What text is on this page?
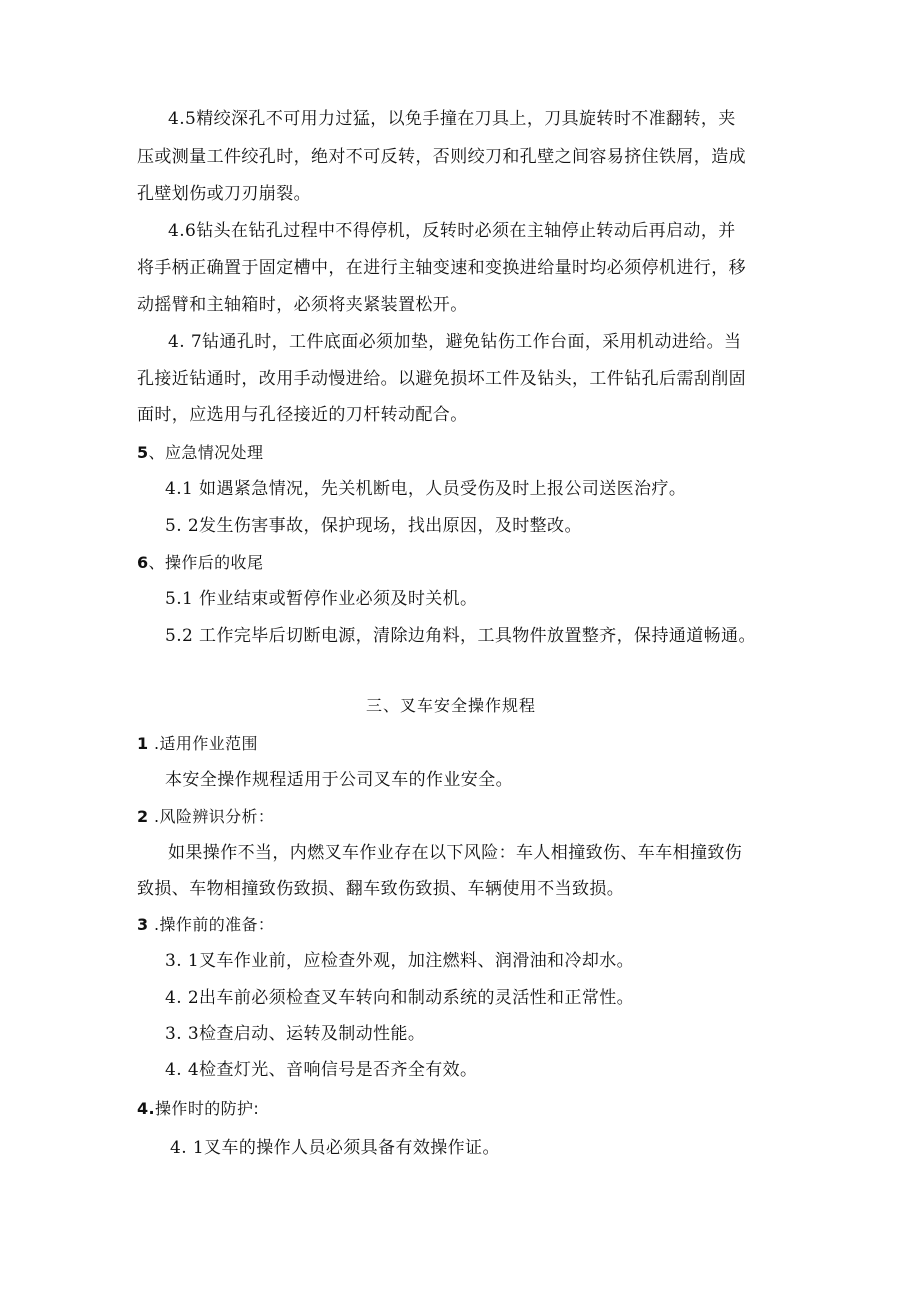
4.5精绞深孔不可用力过猛，以免手撞在刀具上，刀具旋转时不准翻转，夹
压或测量工件绞孔时，绝对不可反转，否则绞刀和孔壁之间容易挤住铁屑，造成
孔壁划伤或刀刃崩裂。
4.6钻头在钻孔过程中不得停机，反转时必须在主轴停止转动后再启动，并
将手柄正确置于固定槽中，在进行主轴变速和变换进给量时均必须停机进行，移
动摇臂和主轴箱时，必须将夹紧装置松开。
4. 7钻通孔时，工件底面必须加垫，避免钻伤工作台面，采用机动进给。当
孔接近钻通时，改用手动慢进给。以避免损坏工件及钻头，工件钻孔后需刮削固
面时，应选用与孔径接近的刀杆转动配合。
5、应急情况处理
4.1 如遇紧急情况，先关机断电，人员受伤及时上报公司送医治疗。
5. 2发生伤害事故，保护现场，找出原因，及时整改。
6、操作后的收尾
5.1 作业结束或暂停作业必须及时关机。
5.2 工作完毕后切断电源，清除边角料，工具物件放置整齐，保持通道畅通。
三、叉车安全操作规程
1 .适用作业范围
本安全操作规程适用于公司叉车的作业安全。
2 .风险辨识分析：
如果操作不当，内燃叉车作业存在以下风险：车人相撞致伤、车车相撞致伤
致损、车物相撞致伤致损、翻车致伤致损、车辆使用不当致损。
3 .操作前的准备：
3. 1叉车作业前，应检查外观，加注燃料、润滑油和冷却水。
4. 2出车前必须检查叉车转向和制动系统的灵活性和正常性。
3. 3检查启动、运转及制动性能。
4. 4检查灯光、音响信号是否齐全有效。
4.操作时的防护:
4. 1叉车的操作人员必须具备有效操作证。
